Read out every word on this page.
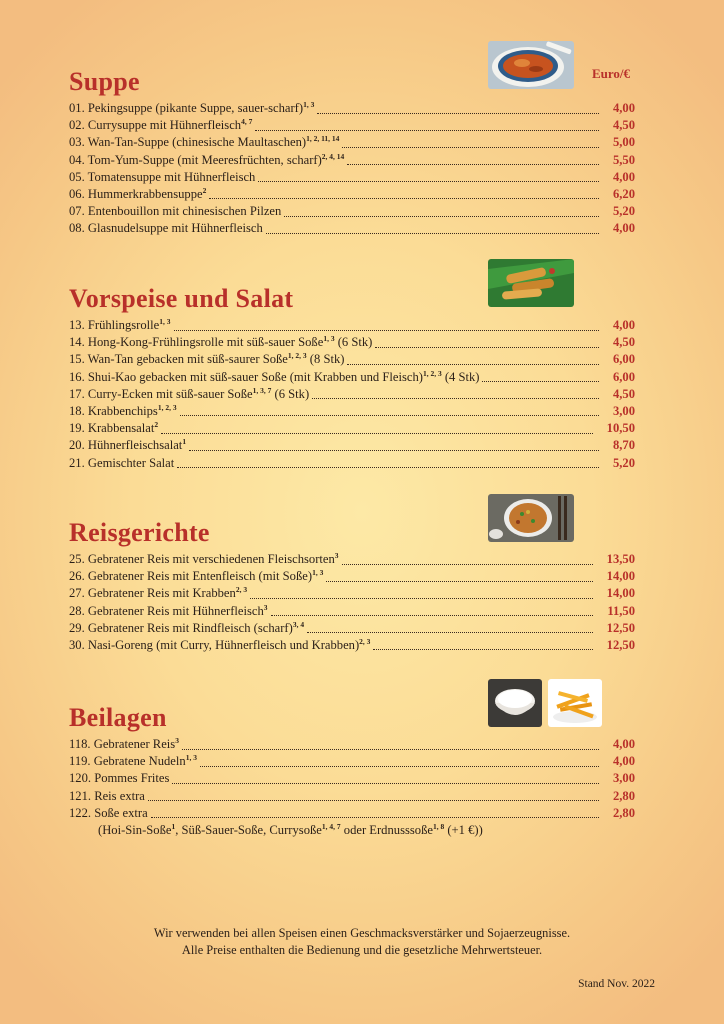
Euro/€
Suppe
01. Pekingsuppe (pikante Suppe, sauer-scharf)$^{1, 3}$	4,00
02. Currysuppe mit Hühnerfleisch$^{4, 7}$	4,50
03. Wan-Tan-Suppe (chinesische Maultaschen)$^{1, 2, 11, 14}$	5,00
04. Tom-Yum-Suppe (mit Meeresfrüchten, scharf)$^{2, 4, 14}$	5,50
05. Tomatensuppe mit Hühnerfleisch	4,00
06. Hummerkrabbensuppe$^2$	6,20
07. Entenbouillon mit chinesischen Pilzen	5,20
08. Glasnudelsuppe mit Hühnerfleisch	4,00
Vorspeise und Salat
13. Frühlingsrolle$^{1, 3}$	4,00
14. Hong-Kong-Frühlingsrolle mit süß-sauer Soße$^{1, 3}$ (6 Stk)	4,50
15. Wan-Tan gebacken mit süß-saurer Soße$^{1, 2, 3}$ (8 Stk)	6,00
16. Shui-Kao gebacken mit süß-sauer Soße (mit Krabben und Fleisch)$^{1, 2, 3}$ (4 Stk)	6,00
17. Curry-Ecken mit süß-sauer Soße$^{1, 3, 7}$ (6 Stk)	4,50
18. Krabbenchips$^{1, 2, 3}$	3,00
19. Krabbensalat$^2$	10,50
20. Hühnerfleischsalat$^1$	8,70
21. Gemischter Salat	5,20
Reisgerichte
25. Gebratener Reis mit verschiedenen Fleischsorten$^3$	13,50
26. Gebratener Reis mit Entenfleisch (mit Soße)$^{1, 3}$	14,00
27. Gebratener Reis mit Krabben$^{2, 3}$	14,00
28. Gebratener Reis mit Hühnerfleisch$^3$	11,50
29. Gebratener Reis mit Rindfleisch (scharf)$^{3, 4}$	12,50
30. Nasi-Goreng (mit Curry, Hühnerfleisch und Krabben)$^{2, 3}$	12,50
Beilagen
118. Gebratener Reis$^3$	4,00
119. Gebratene Nudeln$^{1, 3}$	4,00
120. Pommes Frites	3,00
121. Reis extra	2,80
122. Soße extra	2,80
(Hoi-Sin-Soße$^1$, Süß-Sauer-Soße, Currysoße$^{1, 4, 7}$ oder Erdnusssoße$^{1, 8}$ (+1 €))
Wir verwenden bei allen Speisen einen Geschmacksverstärker und Sojaerzeugnisse.
Alle Preise enthalten die Bedienung und die gesetzliche Mehrwertsteuer.
Stand Nov. 2022
